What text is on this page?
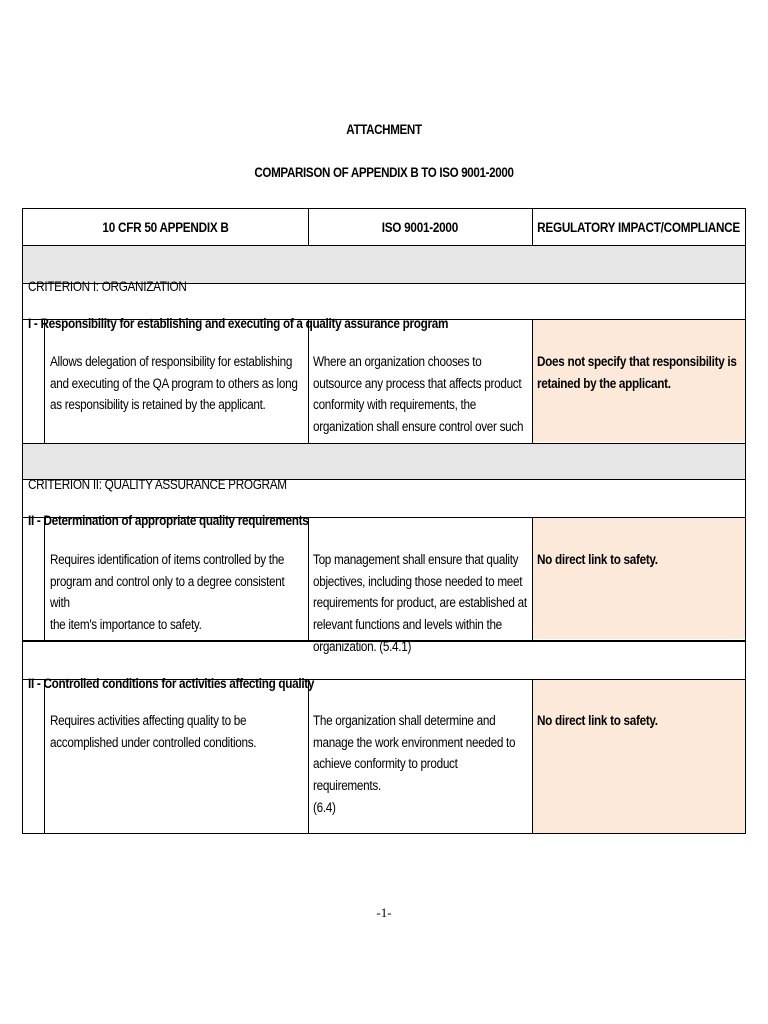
ATTACHMENT
COMPARISON OF APPENDIX B TO ISO 9001-2000
10 CFR 50 APPENDIX B	ISO 9001-2000	REGULATORY IMPACT/COMPLIANCE

CRITERION I: ORGANIZATION

I - Responsibility for establishing and executing of a quality assurance program

Allows delegation of responsibility for establishing
and executing of the QA program to others as long
as responsibility is retained by the applicant.

Where an organization chooses to
outsource any process that affects product
conformity with requirements, the
organization shall ensure control over such

Does not specify that responsibility is
retained by the applicant.

CRITERION II: QUALITY ASSURANCE PROGRAM

II - Determination of appropriate quality requirements

Requires identification of items controlled by the
program and control only to a degree consistent with
the item's importance to safety.

Top management shall ensure that quality
objectives, including those needed to meet
requirements for product, are established at
relevant functions and levels within the
organization. (5.4.1)

No direct link to safety.

II - Controlled conditions for activities affecting quality

Requires activities affecting quality to be
accomplished under controlled conditions.

The organization shall determine and
manage the work environment needed to
achieve conformity to product requirements.
(6.4)

No direct link to safety.

-1-
